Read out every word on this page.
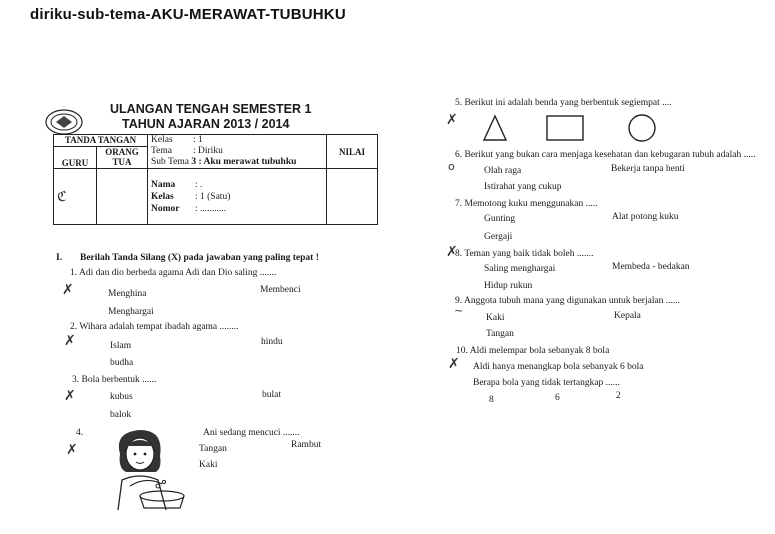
diriku-sub-tema-AKU-MERAWAT-TUBUHKU
ULANGAN TENGAH SEMESTER 1
TAHUN AJARAN 2013 / 2014
TANDA TANGAN		Kelas : 1
Tema : Diriku
Sub Tema 3 : Aku merawat tubuhku	NILAI
GURU	ORANG TUA		
ℭ		Nama : .
Kelas : 1 (Satu)
Nomor : ...........	
I. Berilah Tanda Silang (X) pada jawaban yang paling tepat !
1. Adi dan dio berbeda agama Adi dan Dio saling .......
✗	Menghina	Membenci
Menghargai
2. Wihara adalah tempat ibadah agama ........
✗	Islam	hindu
budha
3. Bola berbentuk ......
✗	kubus	bulat
balok
4.
✗
Ani sedang mencuci .......
Tangan	Rambut
Kaki
5. Berikut ini adalah benda yang berbentuk segiempat ....
✗
6. Berikut yang bukan cara menjaga kesehatan dan kebugaran tubuh adalah .....
o	Olah raga	Bekerja tanpa henti
Istirahat yang cukup
7. Memotong kuku menggunakan .....
Gunting	Alat potong kuku
Gergaji
8. Teman yang baik tidak boleh .......
✗
Saling menghargai	Membeda - bedakan
Hidup rukun
9. Anggota tubuh mana yang digunakan untuk berjalan ......
~
Kaki	Kepala
Tangan
10. Aldi melempar bola sebanyak 8 bola
✗ Aldi hanya menangkap bola sebanyak 6 bola
Berapa bola yang tidak tertangkap ......
8	6	2
